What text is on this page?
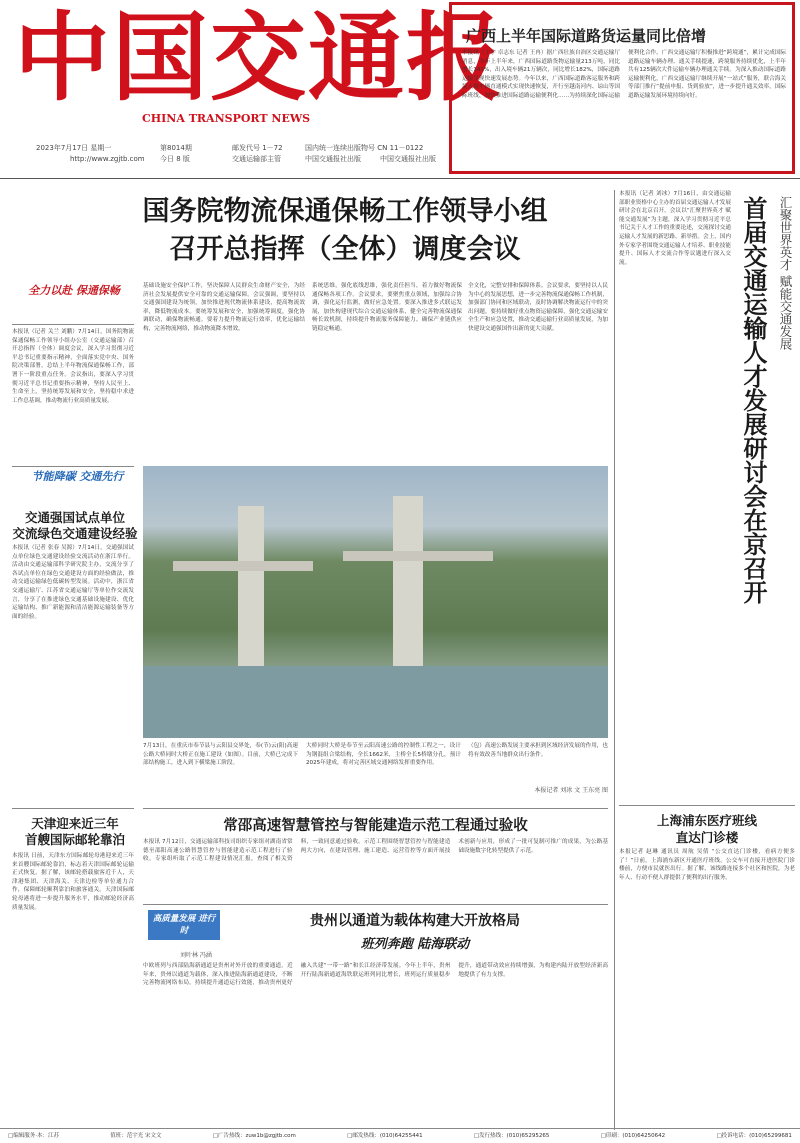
中国交通报
CHINA TRANSPORT NEWS
2023年7月17日 星期一
http://www.zgjtb.com
第8014期
今日 8 版
邮发代号 1－72
交通运输部主管
国内统一连续出版物号 CN 11－0122
中国交通报社出版	中国交通报社出版
广西上半年国际道路货运量同比倍增
本报讯（王宇 卓志东 记者 王冉）据广西壮族自治区交通运输厅消息，今年上半年来，广西国际道路货物运输量213万吨，同比增长141%，出入境车辆21万辆次，同比增长182%，国际道路运输呈现快速发展态势。今年以来，广西国际道路客运服务和跨境入境车辆直通模式实现快速恢复，开行至越南河内、谅山等国际班线，加快推进国际道路运输便利化……为持续深化国际运输便利化合作，广西交通运输厅积极推进“跨境通”，累计完成国际道路运输车辆办理、通关手续提速，跨境服务持续优化，上半年共有125辆次大件运输车辆办理通关手续。为深入推动国际道路运输便利化，广西交通运输厅继续开展“一站式”服务，联合海关等部门推行“提前申报、货到验放”，进一步提升通关效率，国际道路运输发展环境持续向好。
国务院物流保通保畅工作领导小组
召开总指挥（全体）调度会议
全力以赴 保通保畅
本报讯（记者 关兰 刘鹏）7月14日，国务院物流保通保畅工作领导小组办公室（交通运输部）召开总指挥（全体）调度会议，深入学习贯彻习近平总书记重要指示精神，全面落实党中央、国务院决策部署，总结上半年物流保通保畅工作，部署下一阶段重点任务。会议指出，要深入学习贯彻习近平总书记重要指示精神，坚持人民至上、生命至上，坚持统筹发展和安全，坚持稳中求进工作总基调，推动物流行业高质量发展。
基础设施安全保护工作，坚决保障人民群众生命财产安全，为经济社会发展提供安全可靠的交通运输保障。会议强调，要坚持以交通强国建设为统领，加快推进现代物流体系建设，提高物流效率，降低物流成本。要统筹发展和安全，加强统筹调度，强化协调联动，确保物流畅通。要着力提升物流运行效率，优化运输结构，完善物流网络，推动物流降本增效。
系统思维，强化底线思维，强化责任担当，着力做好物流保通保畅各项工作。会议要求，要聚焦重点领域，加强综合协调，强化运行监测，做好应急处置。要深入推进多式联运发展，加快构建现代综合交通运输体系，健全完善物流保通保畅长效机制，持续提升物流服务保障能力，确保产业链供应链稳定畅通。
全文化，完整安排和保障体系。会议要求，要坚持以人民为中心的发展思想，进一步完善物流保通保畅工作机制，加强部门协同和区域联动，及时协调解决物流运行中的突出问题。要持续做好重点物资运输保障，强化交通运输安全生产和应急处置，推动交通运输行业高质量发展，为加快建设交通强国作出新的更大贡献。
节能降碳 交通先行
交通强国试点单位
交流绿色交通建设经验
本报讯（记者 张春 吴源）7月14日，交通强国试点单位绿色交通建设经验交流活动在浙江举行。活动由交通运输部科学研究院主办，交流分享了各试点单位在绿色交通建设方面的经验做法，推动交通运输绿色低碳转型发展。活动中，浙江省交通运输厅、江苏省交通运输厅等单位作交流发言，分享了在推进绿色交通基础设施建设、优化运输结构、推广新能源和清洁能源运输装备等方面的经验。
天津迎来近三年
首艘国际邮轮靠泊
本报讯 日前，天津东方国际邮轮母港迎来近三年来首艘国际邮轮靠泊，标志着天津国际邮轮运输正式恢复。据了解，该邮轮搭载旅客近千人，天津港集团、天津海关、天津边检等单位通力合作，保障邮轮顺利靠泊和旅客通关。天津国际邮轮母港将进一步提升服务水平，推动邮轮经济高质量发展。
7月13日，在重庆市奉节县与云阳县交界处，奉(节)云(阳)高速公路大桥同时大桥正在施工建设（如图）。目前，大桥已完成下部结构施工，进入到下横梁施工阶段。
大桥同时大桥是奉节至云阳高速公路的控制性工程之一，设计为钢混组合梁结构，全长1662米，主桥全长5桥墩分孔，预计2025年建成，将对完善区域交通网络发挥重要作用。
（包）高速公路发展主要承担到区域经济发展的作用，也将有效改善当地群众出行条件。
本报记者 刘冰 文 王东亮 图
本报讯（记者 刘冰）7月16日，由交通运输部职业资格中心主办的首届交通运输人才发展研讨会在北京召开。会议以“汇聚世界英才 赋能交通发展”为主题，深入学习贯彻习近平总书记关于人才工作的重要论述，交流探讨交通运输人才发展的新思路、新举措。会上，国内外专家学者围绕交通运输人才培养、职业技能提升、国际人才交流合作等议题进行深入交流。	首届交通运输人才发展研讨会在京召开 汇聚世界英才 赋能交通发展
上海浦东医疗班线
直达门诊楼
本报记者 赵琳 通讯员 周航 吴倩 “公交直达门诊楼，看病方便多了！”日前，上海浦东新区开通医疗班线，公交车可直接开进医院门诊楼前，方便市民就医出行。据了解，该线路连接多个社区和医院，为老年人、行动不便人群提供了便利的出行服务。
常邵高速智慧管控与智能建造示范工程通过验收
本报讯 7月12日，交通运输部科技司组织专家组对湖南省常德至邵阳高速公路智慧管控与智能建造示范工程进行了验收。专家组听取了示范工程建设情况汇报，查阅了相关资料，一致同意通过验收。示范工程围绕智慧管控与智能建造两大方向，在建设管理、施工建造、运营管控等方面开展技术创新与应用，形成了一批可复制可推广的成果，为公路基础设施数字化转型提供了示范。
高质量发展 进行时
贵州以通道为载体构建大开放格局
班列奔跑 陆海联动
刘叶林 冯涵
中欧班列与西部陆海新通道是贵州对外开放的重要通道。近年来，贵州以通道为载体，深入推进陆海新通道建设，不断完善物流网络布局，持续提升通道运行效能，推动贵州更好融入共建“一带一路”和长江经济带发展。今年上半年，贵州开行陆海新通道海铁联运班列同比增长，班列运行质量稳步提升，通道带动效应持续增强，为构建内陆开放型经济新高地提供了有力支撑。
□编辑服务·本：江苏	值班：范宇光 宋文文	□广告热线：zuw1b@zgjtb.com	□邮发热线：(010)64255441	□发行热线：(010)65295265	□印刷：(010)64250642	□投诉电话：(010)65299681
